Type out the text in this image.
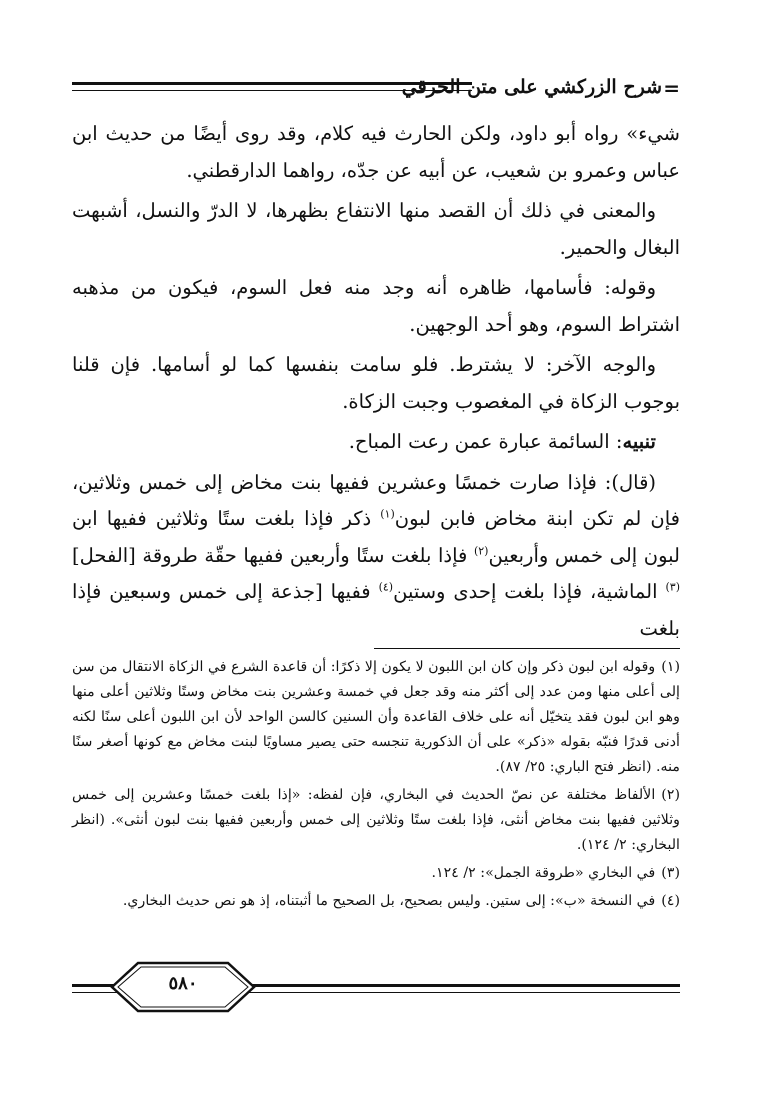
=
شرح الزركشي على متن الخرقي

شيء» رواه أبو داود، ولكن الحارث فيه كلام، وقد روى أيضًا من حديث ابن عباس وعمرو بن شعيب، عن أبيه عن جدّه، رواهما الدارقطني.

والمعنى في ذلك أن القصد منها الانتفاع بظهرها، لا الدرّ والنسل، أشبهت البغال والحمير.

وقوله: فأسامها، ظاهره أنه وجد منه فعل السوم، فيكون من مذهبه اشتراط السوم، وهو أحد الوجهين.

والوجه الآخر: لا يشترط. فلو سامت بنفسها كما لو أسامها. فإن قلنا بوجوب الزكاة في المغصوب وجبت الزكاة.

تنبيه: السائمة عبارة عمن رعت المباح.

(قال): فإذا صارت خمسًا وعشرين ففيها بنت مخاض إلى خمس وثلاثين، فإن لم تكن ابنة مخاض فابن لبون$^{(١)}$ ذكر فإذا بلغت ستًا وثلاثين ففيها ابن لبون إلى خمس وأربعين$^{(٢)}$ فإذا بلغت ستًا وأربعين ففيها حقّة طروقة [الفحل]$^{(٣)}$ الماشية، فإذا بلغت إحدى وستين$^{(٤)}$ ففيها [جذعة إلى خمس وسبعين فإذا بلغت

(١)وقوله ابن لبون ذكر وإن كان ابن اللبون لا يكون إلا ذكرًا: أن قاعدة الشرع في الزكاة الانتقال من سن إلى أعلى منها ومن عدد إلى أكثر منه وقد جعل في خمسة وعشرين بنت مخاض وستًا وثلاثين أعلى منها وهو ابن لبون فقد يتخيّل أنه على خلاف القاعدة وأن السنين كالسن الواحد لأن ابن اللبون أعلى سنًا لكنه أدنى قدرًا فنبّه بقوله «ذكر» على أن الذكورية تنجسه حتى يصير مساويًا لبنت مخاض مع كونها أصغر سنًا منه. (انظر فتح الباري: ٢٥/ ٨٧).

(٢)الألفاظ مختلفة عن نصّ الحديث في البخاري، فإن لفظه: «إذا بلغت خمسًا وعشرين إلى خمس وثلاثين ففيها بنت مخاض أنثى، فإذا بلغت ستًا وثلاثين إلى خمس وأربعين ففيها بنت لبون أنثى». (انظر البخاري: ٢/ ١٢٤).

(٣)في البخاري «طروقة الجمل»: ٢/ ١٢٤.

(٤)في النسخة «ب»: إلى ستين. وليس بصحيح، بل الصحيح ما أثبتناه، إذ هو نص حديث البخاري.

٥٨٠
